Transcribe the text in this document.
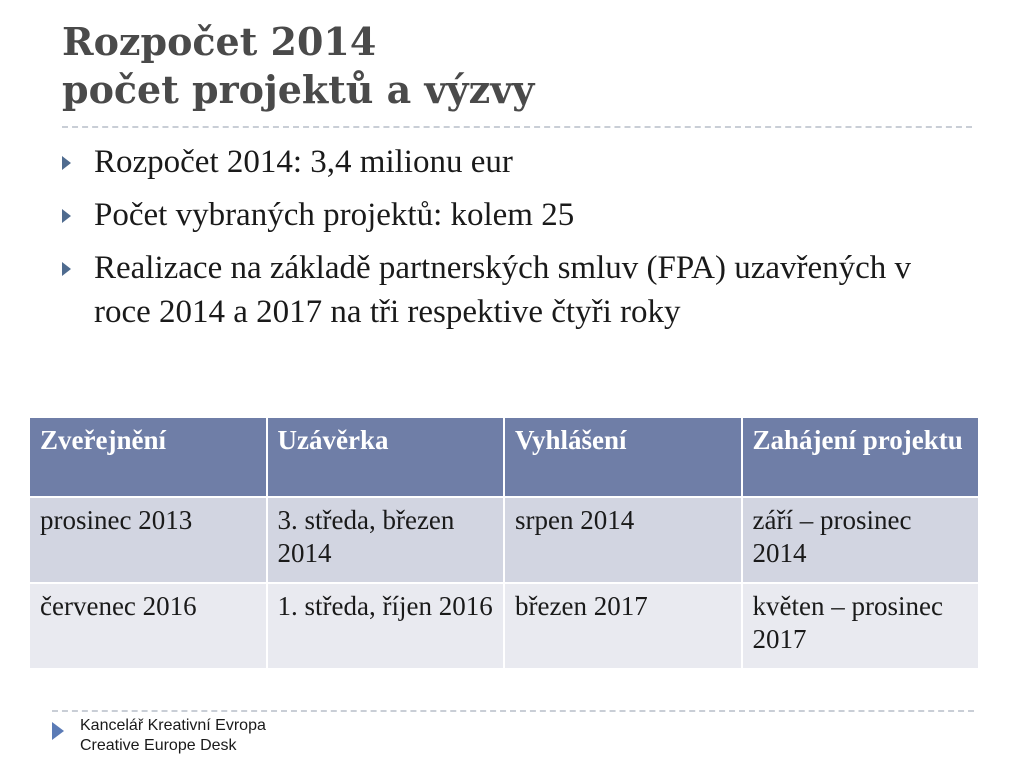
Rozpočet 2014
počet projektů a výzvy
Rozpočet 2014: 3,4 milionu eur
Počet vybraných projektů: kolem 25
Realizace na základě partnerských smluv (FPA) uzavřených v roce 2014 a 2017 na tři respektive čtyři roky
Zveřejnění	Uzávěrka	Vyhlášení	Zahájení projektu
prosinec 2013	3. středa, březen 2014	srpen 2014	září – prosinec 2014
červenec 2016	1. středa, říjen 2016	březen 2017	květen – prosinec 2017
Kancelář Kreativní Evropa
Creative Europe Desk
